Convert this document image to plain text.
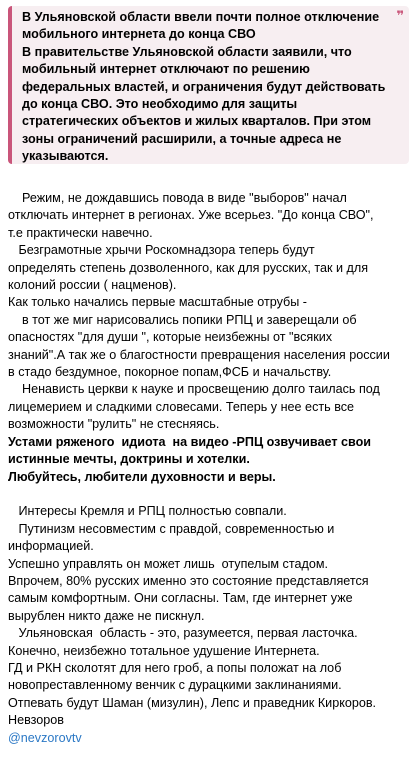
❞
В Ульяновской области ввели почти полное отключение
мобильного интернета до конца СВО
В правительстве Ульяновской области заявили, что
мобильный интернет отключают по решению
федеральных властей, и ограничения будут действовать
до конца СВО. Это необходимо для защиты
стратегических объектов и жилых кварталов. При этом
зоны ограничений расширили, а точные адреса не
указываются.
Режим, не дождавшись повода в виде "выборов" начал
отключать интернет в регионах. Уже всерьез. "До конца СВО",
т.е практически навечно.
Безграмотные хрычи Роскомнадзора теперь будут
определять степень дозволенного, как для русских, так и для
колоний россии ( нацменов).
Как только начались первые масштабные отрубы -
в тот же миг нарисовались попики РПЦ и заверещали об
опасностях "для души ", которые неизбежны от "всяких
знаний".А так же о благостности превращения населения россии
в стадо бездумное, покорное попам,ФСБ и начальству.
Ненависть церкви к науке и просвещению долго таилась под
лицемерием и сладкими словесами. Теперь у нее есть все
возможности "рулить" не стесняясь.
Устами ряженого  идиота  на видео -РПЦ озвучивает свои
истинные мечты, доктрины и хотелки.
Любуйтесь, любители духовности и веры.
Интересы Кремля и РПЦ полностью совпали.
Путинизм несовместим с правдой, современностью и
информацией.
Успешно управлять он может лишь  отупелым стадом.
Впрочем, 80% русских именно это состояние представляется
самым комфортным. Они согласны. Там, где интернет уже
вырублен никто даже не пискнул.
Ульяновская  область - это, разумеется, первая ласточка.
Конечно, неизбежно тотальное удушение Интернета.
ГД и РКН сколотят для него гроб, а попы положат на лоб
новопреставленному венчик с дурацкими заклинаниями.
Отпевать будут Шаман (мизулин), Лепс и праведник Киркоров.
Невзоров
@nevzorovtv
